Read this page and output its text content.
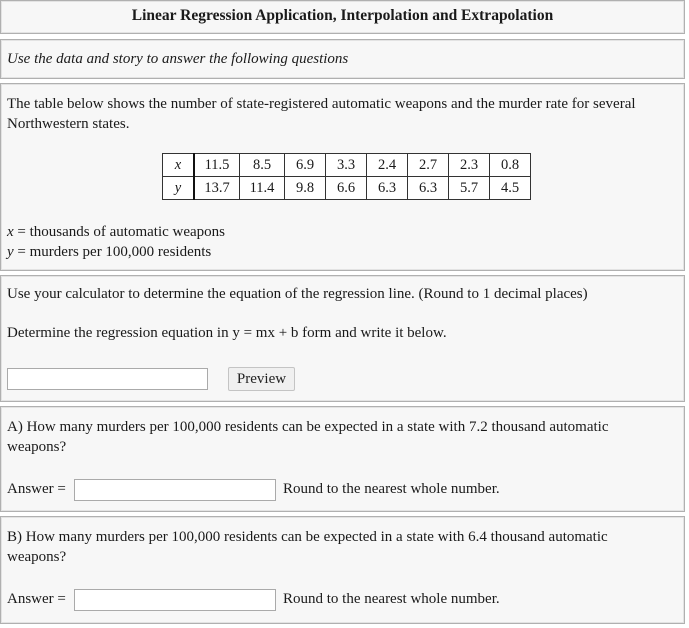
Linear Regression Application, Interpolation and Extrapolation
Use the data and story to answer the following questions
The table below shows the number of state-registered automatic weapons and the murder rate for several Northwestern states.
x	11.5	8.5	6.9	3.3	2.4	2.7	2.3	0.8
y	13.7	11.4	9.8	6.6	6.3	6.3	5.7	4.5
x = thousands of automatic weapons
y = murders per 100,000 residents
Use your calculator to determine the equation of the regression line. (Round to 1 decimal places)
Determine the regression equation in y = mx + b form and write it below.
Preview
A) How many murders per 100,000 residents can be expected in a state with 7.2 thousand automatic weapons?
Answer =	Round to the nearest whole number.
B) How many murders per 100,000 residents can be expected in a state with 6.4 thousand automatic weapons?
Answer =	Round to the nearest whole number.
